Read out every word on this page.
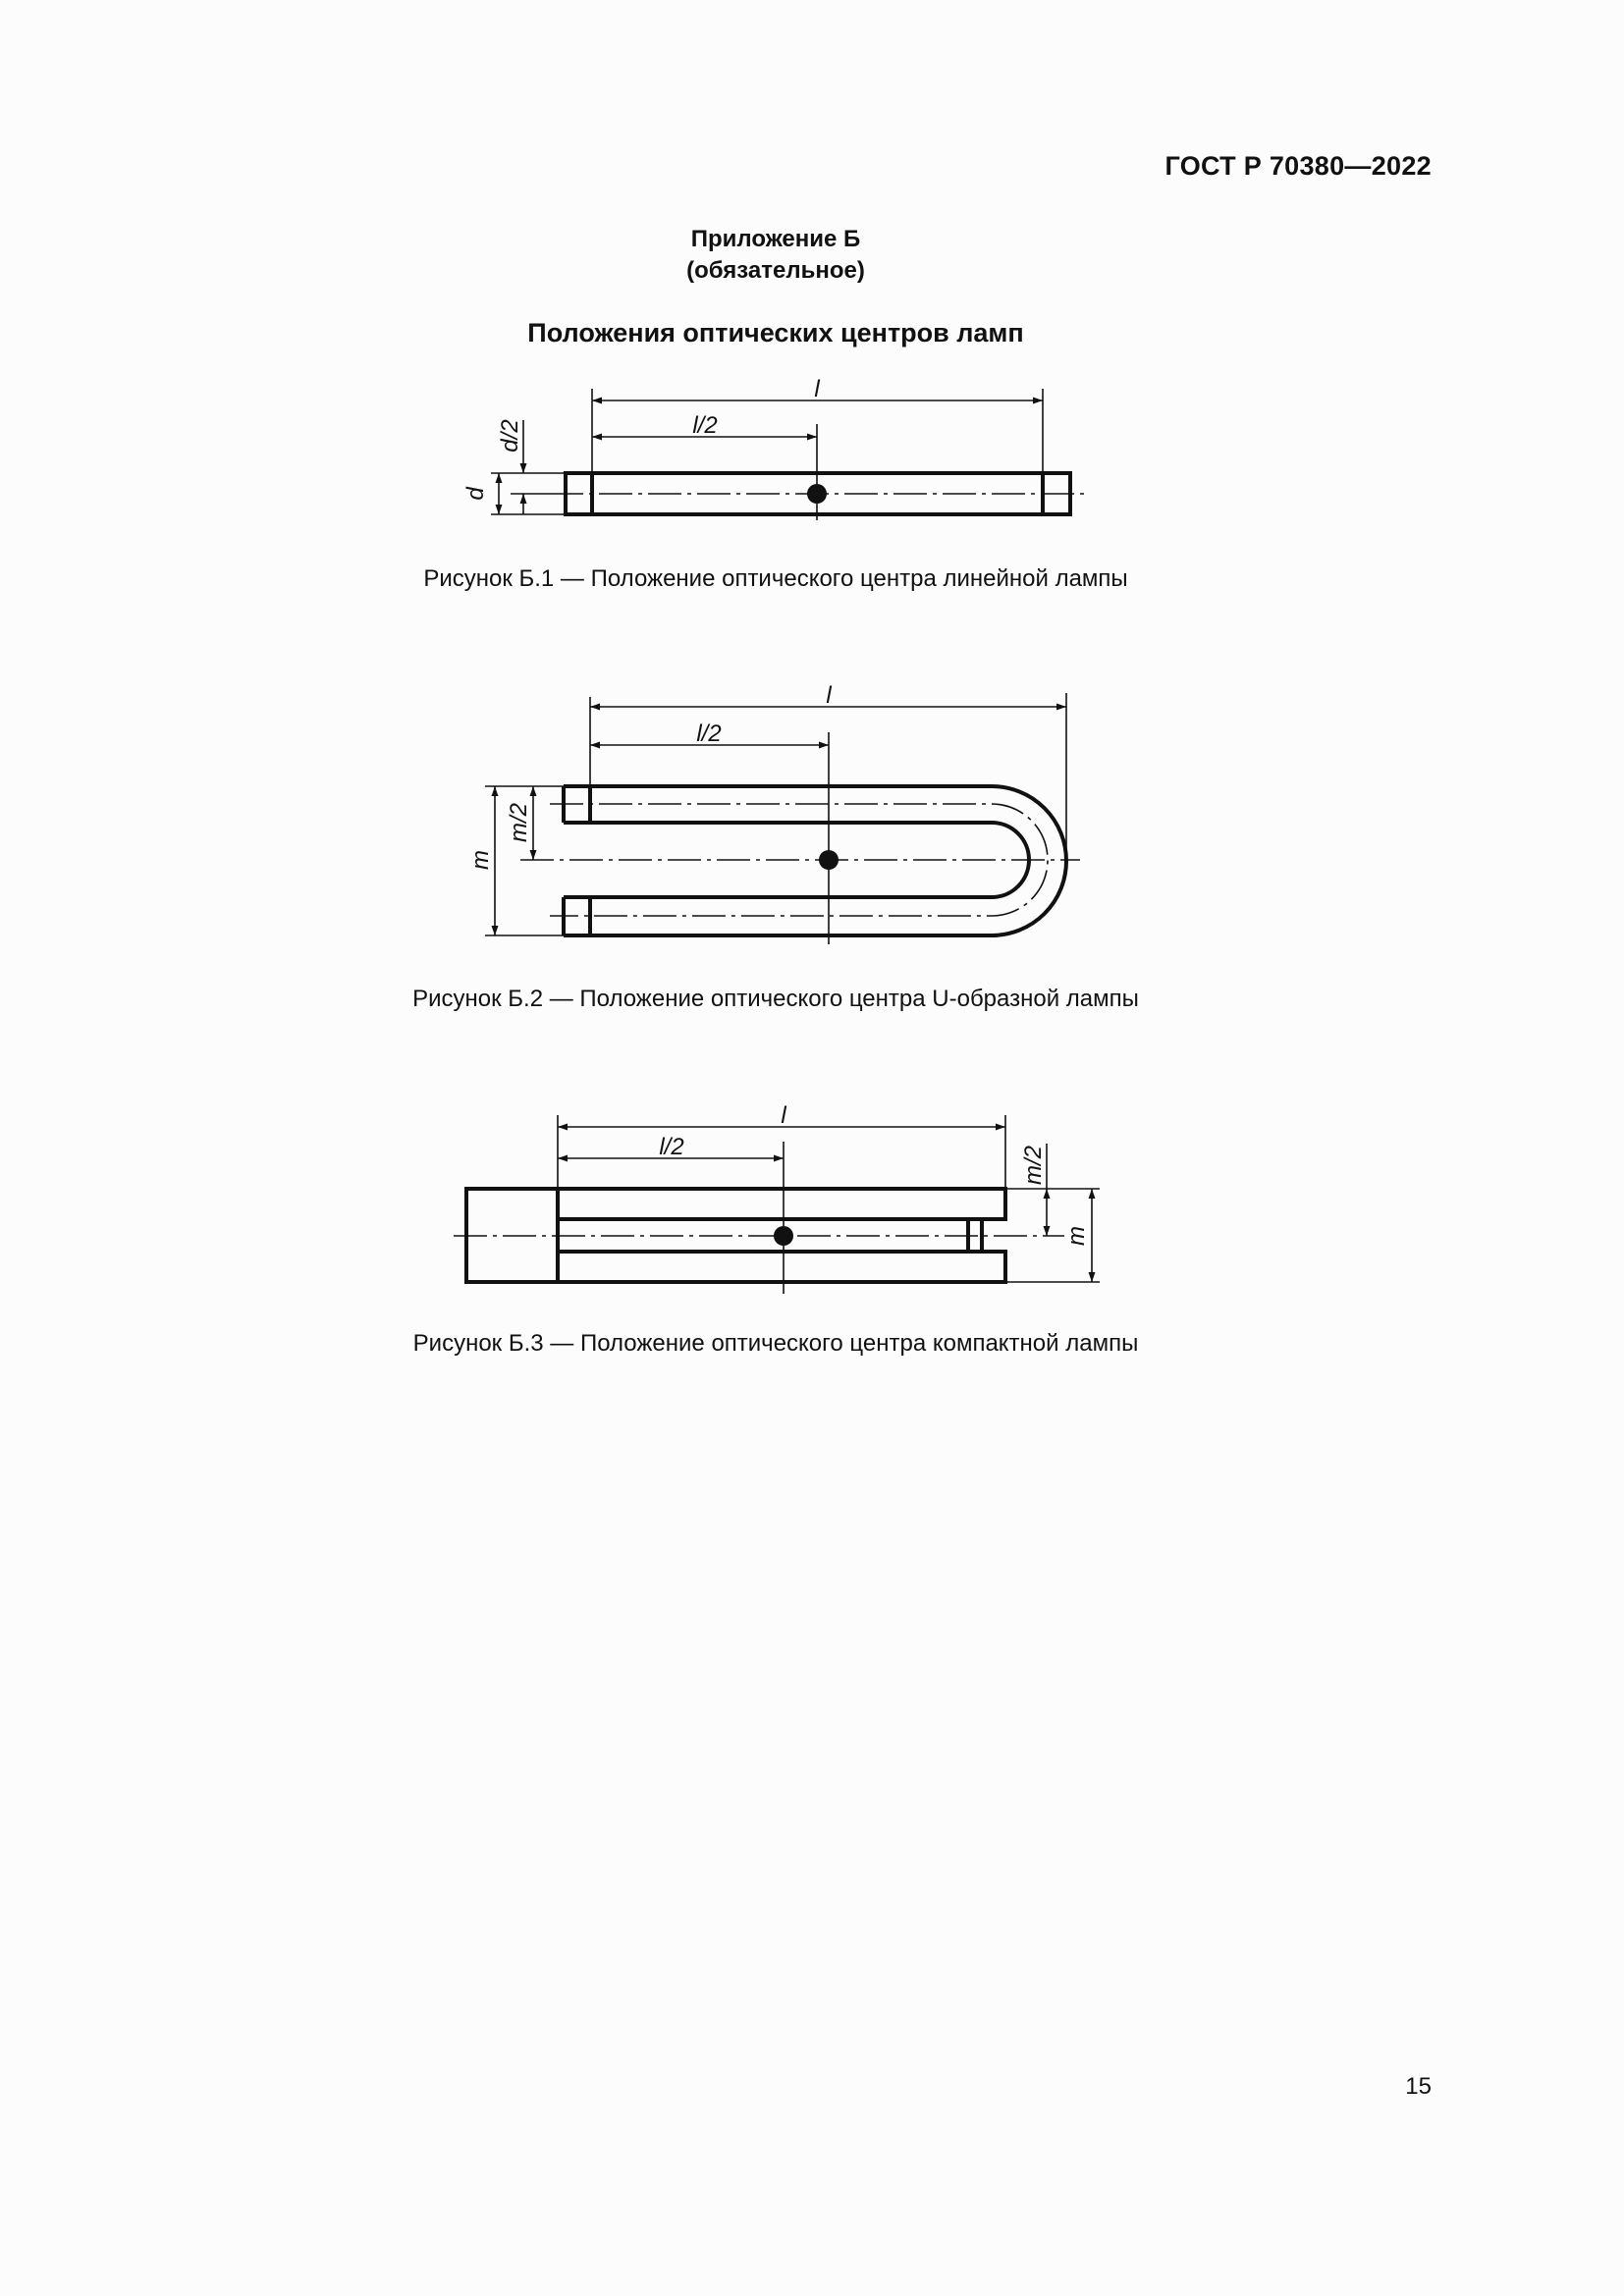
ГОСТ Р 70380—2022
Приложение Б
(обязательное)
Положения оптических центров ламп
l
l/2
d
d/2
l
l/2
m
m/2
l
l/2
m
m/2
Рисунок Б.1 — Положение оптического центра линейной лампы
Рисунок Б.2 — Положение оптического центра U-образной лампы
Рисунок Б.3 — Положение оптического центра компактной лампы
15
